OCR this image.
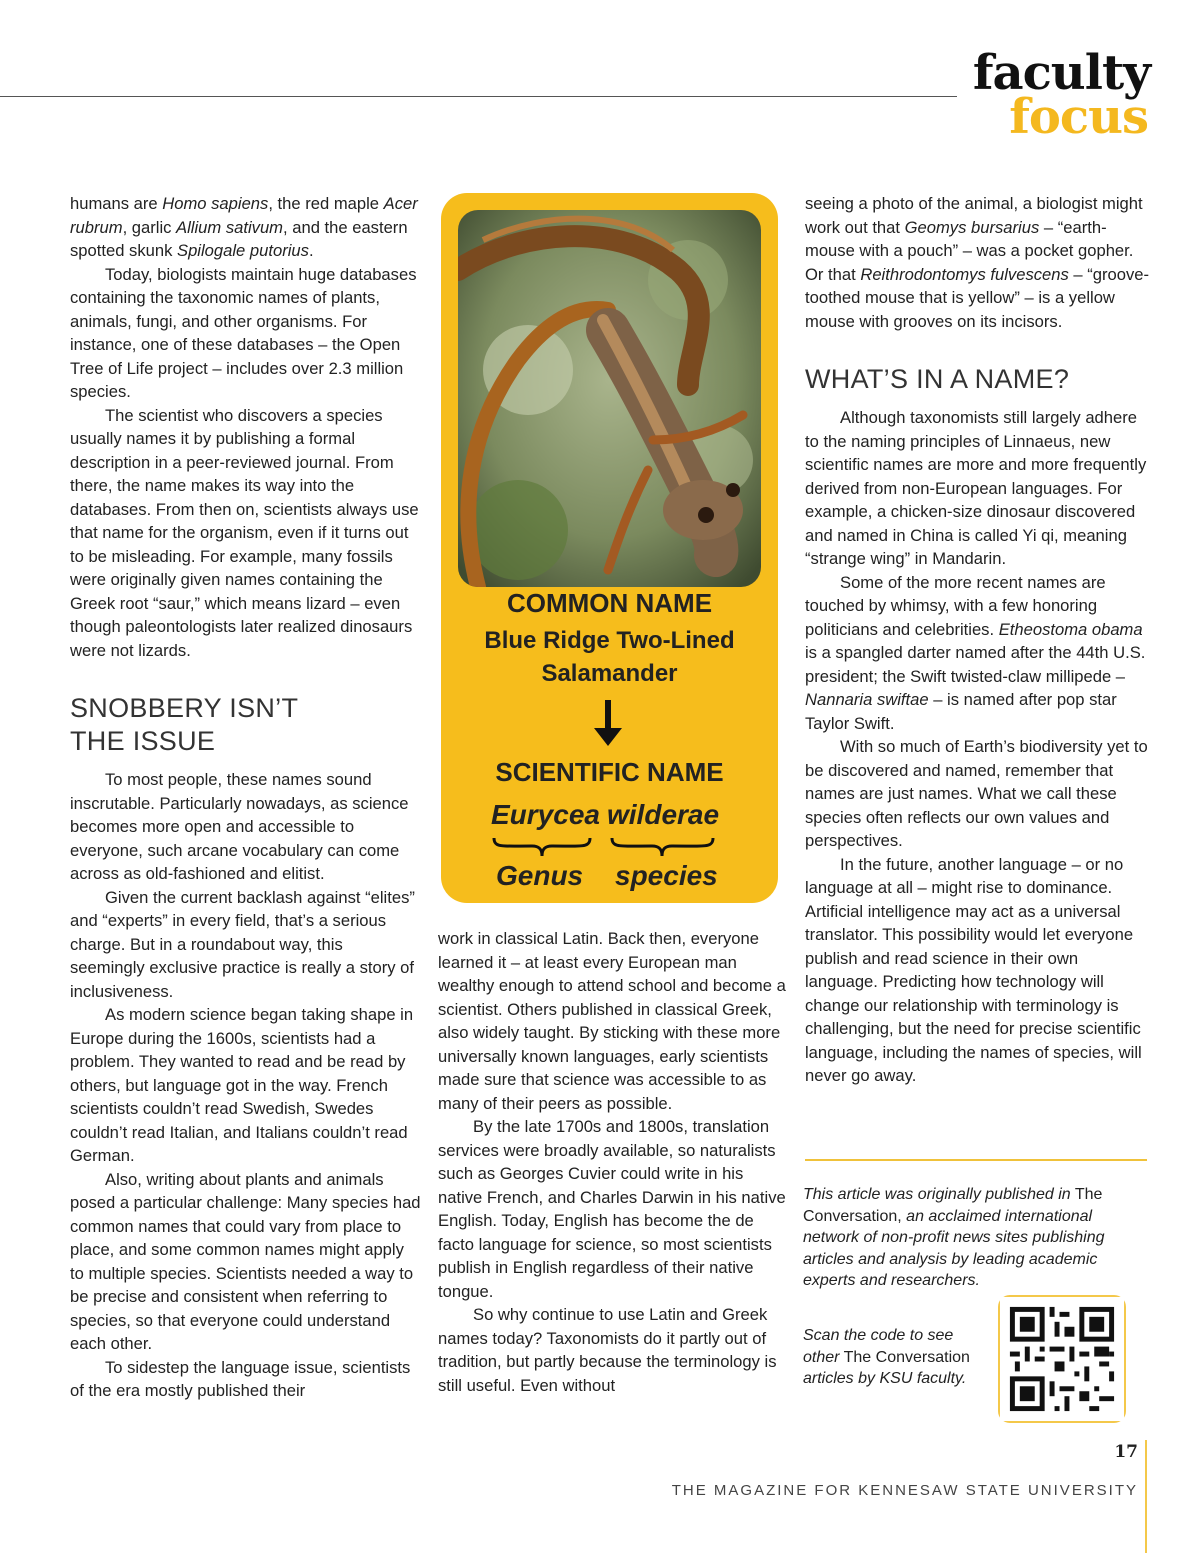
faculty
focus

humans are Homo sapiens, the red maple Acer rubrum, garlic Allium sativum, and the eastern spotted skunk Spilogale putorius.

Today, biologists maintain huge databases containing the taxonomic names of plants, animals, fungi, and other organisms. For instance, one of these databases – the Open Tree of Life project – includes over 2.3 million species.

The scientist who discovers a species usually names it by publishing a formal description in a peer-reviewed journal. From there, the name makes its way into the databases. From then on, scientists always use that name for the organism, even if it turns out to be misleading. For example, many fossils were originally given names containing the Greek root “saur,” which means lizard – even though paleontologists later realized dinosaurs were not lizards.

SNOBBERY ISN’T THE ISSUE

To most people, these names sound inscrutable. Particularly nowadays, as science becomes more open and accessible to everyone, such arcane vocabulary can come across as old-fashioned and elitist.

Given the current backlash against “elites” and “experts” in every field, that’s a serious charge. But in a roundabout way, this seemingly exclusive practice is really a story of inclusiveness.

As modern science began taking shape in Europe during the 1600s, scientists had a problem. They wanted to read and be read by others, but language got in the way. French scientists couldn’t read Swedish, Swedes couldn’t read Italian, and Italians couldn’t read German.

Also, writing about plants and animals posed a particular challenge: Many species had common names that could vary from place to place, and some common names might apply to multiple species. Scientists needed a way to be precise and consistent when referring to species, so that everyone could understand each other.

To sidestep the language issue, scientists of the era mostly published their

COMMON NAME
Blue Ridge Two-Lined
Salamander
SCIENTIFIC NAME
Eurycea wilderae
Genus species

work in classical Latin. Back then, everyone learned it – at least every European man wealthy enough to attend school and become a scientist. Others published in classical Greek, also widely taught. By sticking with these more universally known languages, early scientists made sure that science was accessible to as many of their peers as possible.

By the late 1700s and 1800s, translation services were broadly available, so naturalists such as Georges Cuvier could write in his native French, and Charles Darwin in his native English. Today, English has become the de facto language for science, so most scientists publish in English regardless of their native tongue.

So why continue to use Latin and Greek names today? Taxonomists do it partly out of tradition, but partly because the terminology is still useful. Even without

seeing a photo of the animal, a biologist might work out that Geomys bursarius – “earth-mouse with a pouch” – was a pocket gopher. Or that Reithrodontomys fulvescens – “groove-toothed mouse that is yellow” – is a yellow mouse with grooves on its incisors.

WHAT’S IN A NAME?

Although taxonomists still largely adhere to the naming principles of Linnaeus, new scientific names are more and more frequently derived from non-European languages. For example, a chicken-size dinosaur discovered and named in China is called Yi qi, meaning “strange wing” in Mandarin.

Some of the more recent names are touched by whimsy, with a few honoring politicians and celebrities. Etheostoma obama is a spangled darter named after the 44th U.S. president; the Swift twisted-claw millipede – Nannaria swiftae – is named after pop star Taylor Swift.

With so much of Earth’s biodiversity yet to be discovered and named, remember that names are just names. What we call these species often reflects our own values and perspectives.

In the future, another language – or no language at all – might rise to dominance. Artificial intelligence may act as a universal translator. This possibility would let everyone publish and read science in their own language. Predicting how technology will change our relationship with terminology is challenging, but the need for precise scientific language, including the names of species, will never go away.

This article was originally published in The Conversation, an acclaimed international network of non-profit news sites publishing articles and analysis by leading academic experts and researchers.
Scan the code to see other The Conversation articles by KSU faculty.
17
THE MAGAZINE FOR KENNESAW STATE UNIVERSITY
